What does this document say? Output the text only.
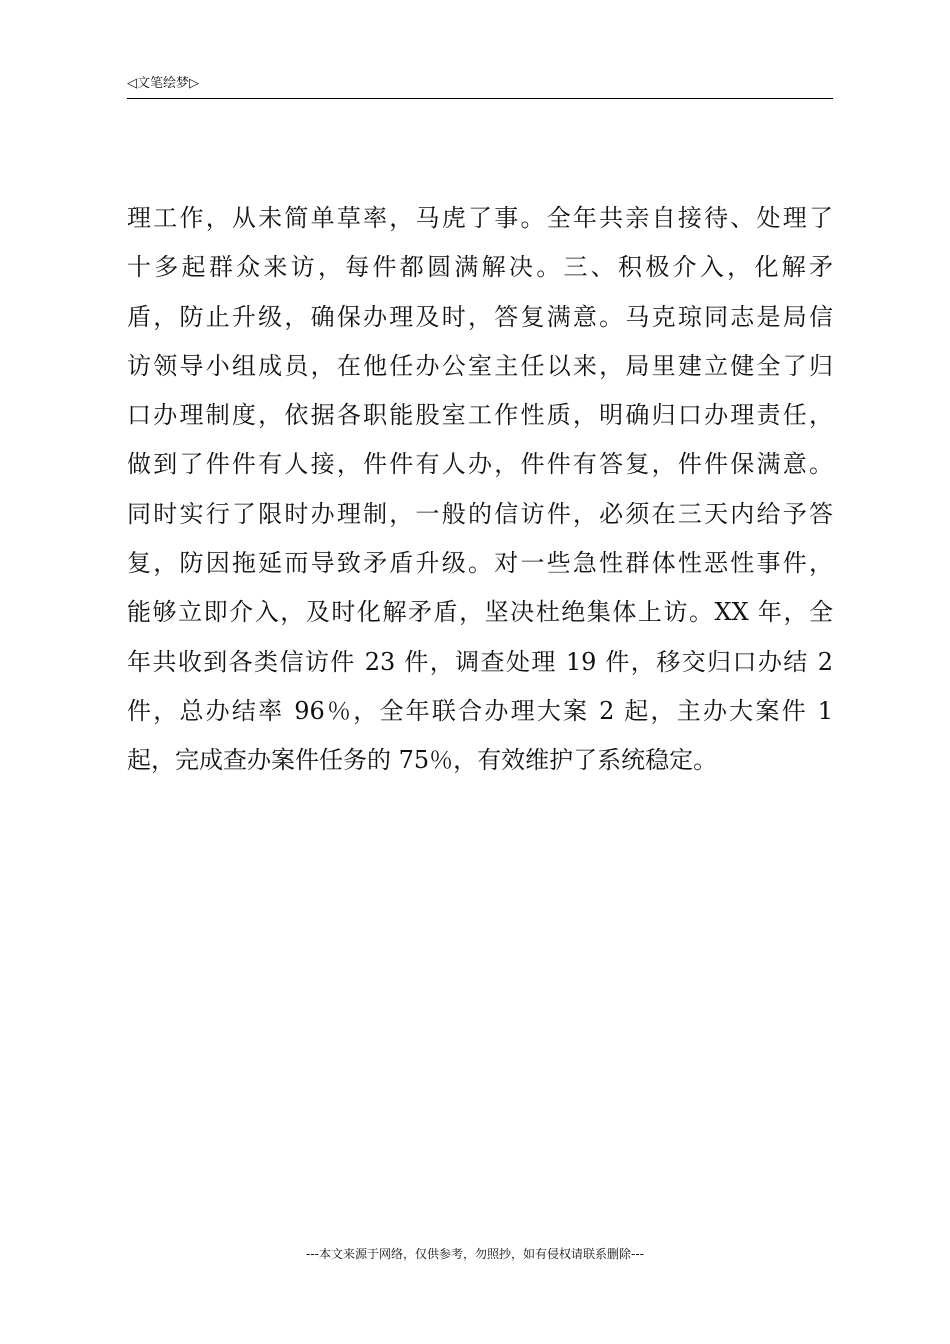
◁文笔绘梦▷
理工作，从未简单草率，马虎了事。全年共亲自接待、处理了
十多起群众来访，每件都圆满解决。三、积极介入，化解矛
盾，防止升级，确保办理及时，答复满意。马克琼同志是局信
访领导小组成员，在他任办公室主任以来，局里建立健全了归
口办理制度，依据各职能股室工作性质，明确归口办理责任，
做到了件件有人接，件件有人办，件件有答复，件件保满意。
同时实行了限时办理制，一般的信访件，必须在三天内给予答
复，防因拖延而导致矛盾升级。对一些急性群体性恶性事件，
能够立即介入，及时化解矛盾，坚决杜绝集体上访。XX 年，全
年共收到各类信访件 23 件，调查处理 19 件，移交归口办结 2
件，总办结率 96％，全年联合办理大案 2 起，主办大案件 1
起，完成查办案件任务的 75％，有效维护了系统稳定。
---本文来源于网络，仅供参考，勿照抄，如有侵权请联系删除---
